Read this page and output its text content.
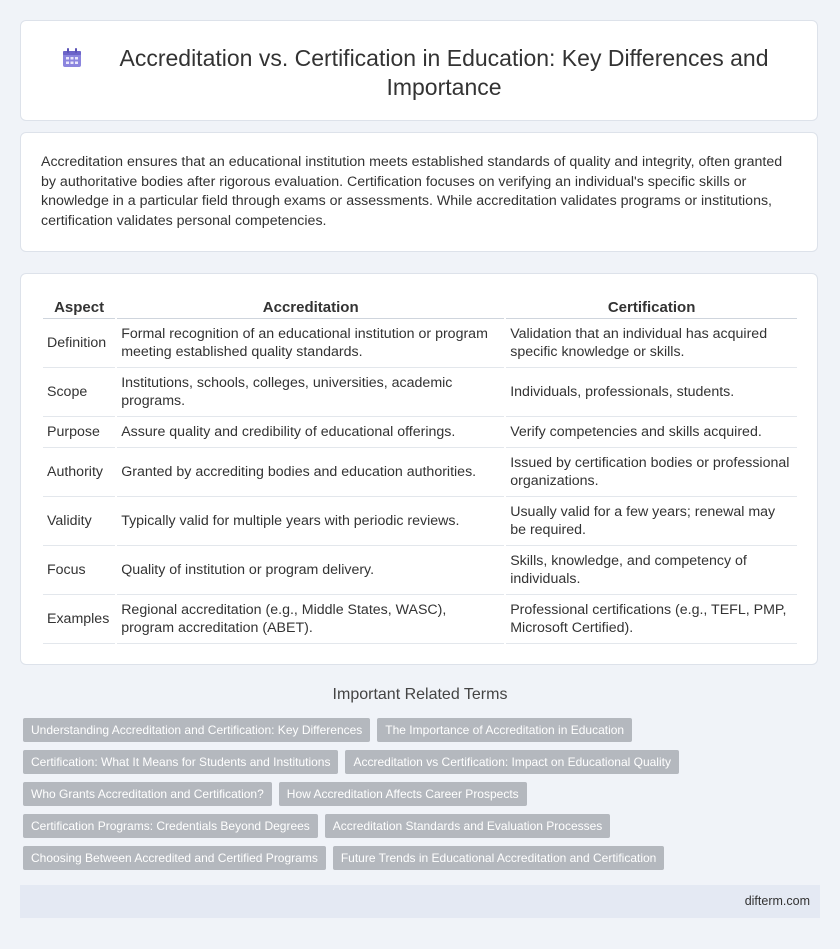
Accreditation vs. Certification in Education: Key Differences and Importance

Accreditation ensures that an educational institution meets established standards of quality and integrity, often granted by authoritative bodies after rigorous evaluation. Certification focuses on verifying an individual's specific skills or knowledge in a particular field through exams or assessments. While accreditation validates programs or institutions, certification validates personal competencies.

Aspect	Accreditation	Certification
Definition	Formal recognition of an educational institution or program meeting established quality standards.	Validation that an individual has acquired specific knowledge or skills.
Scope	Institutions, schools, colleges, universities, academic programs.	Individuals, professionals, students.
Purpose	Assure quality and credibility of educational offerings.	Verify competencies and skills acquired.
Authority	Granted by accrediting bodies and education authorities.	Issued by certification bodies or professional organizations.
Validity	Typically valid for multiple years with periodic reviews.	Usually valid for a few years; renewal may be required.
Focus	Quality of institution or program delivery.	Skills, knowledge, and competency of individuals.
Examples	Regional accreditation (e.g., Middle States, WASC), program accreditation (ABET).	Professional certifications (e.g., TEFL, PMP, Microsoft Certified).
Important Related Terms
Understanding Accreditation and Certification: Key Differences	The Importance of Accreditation in Education
Certification: What It Means for Students and Institutions	Accreditation vs Certification: Impact on Educational Quality
Who Grants Accreditation and Certification?	How Accreditation Affects Career Prospects
Certification Programs: Credentials Beyond Degrees	Accreditation Standards and Evaluation Processes
Choosing Between Accredited and Certified Programs	Future Trends in Educational Accreditation and Certification
difterm.com
